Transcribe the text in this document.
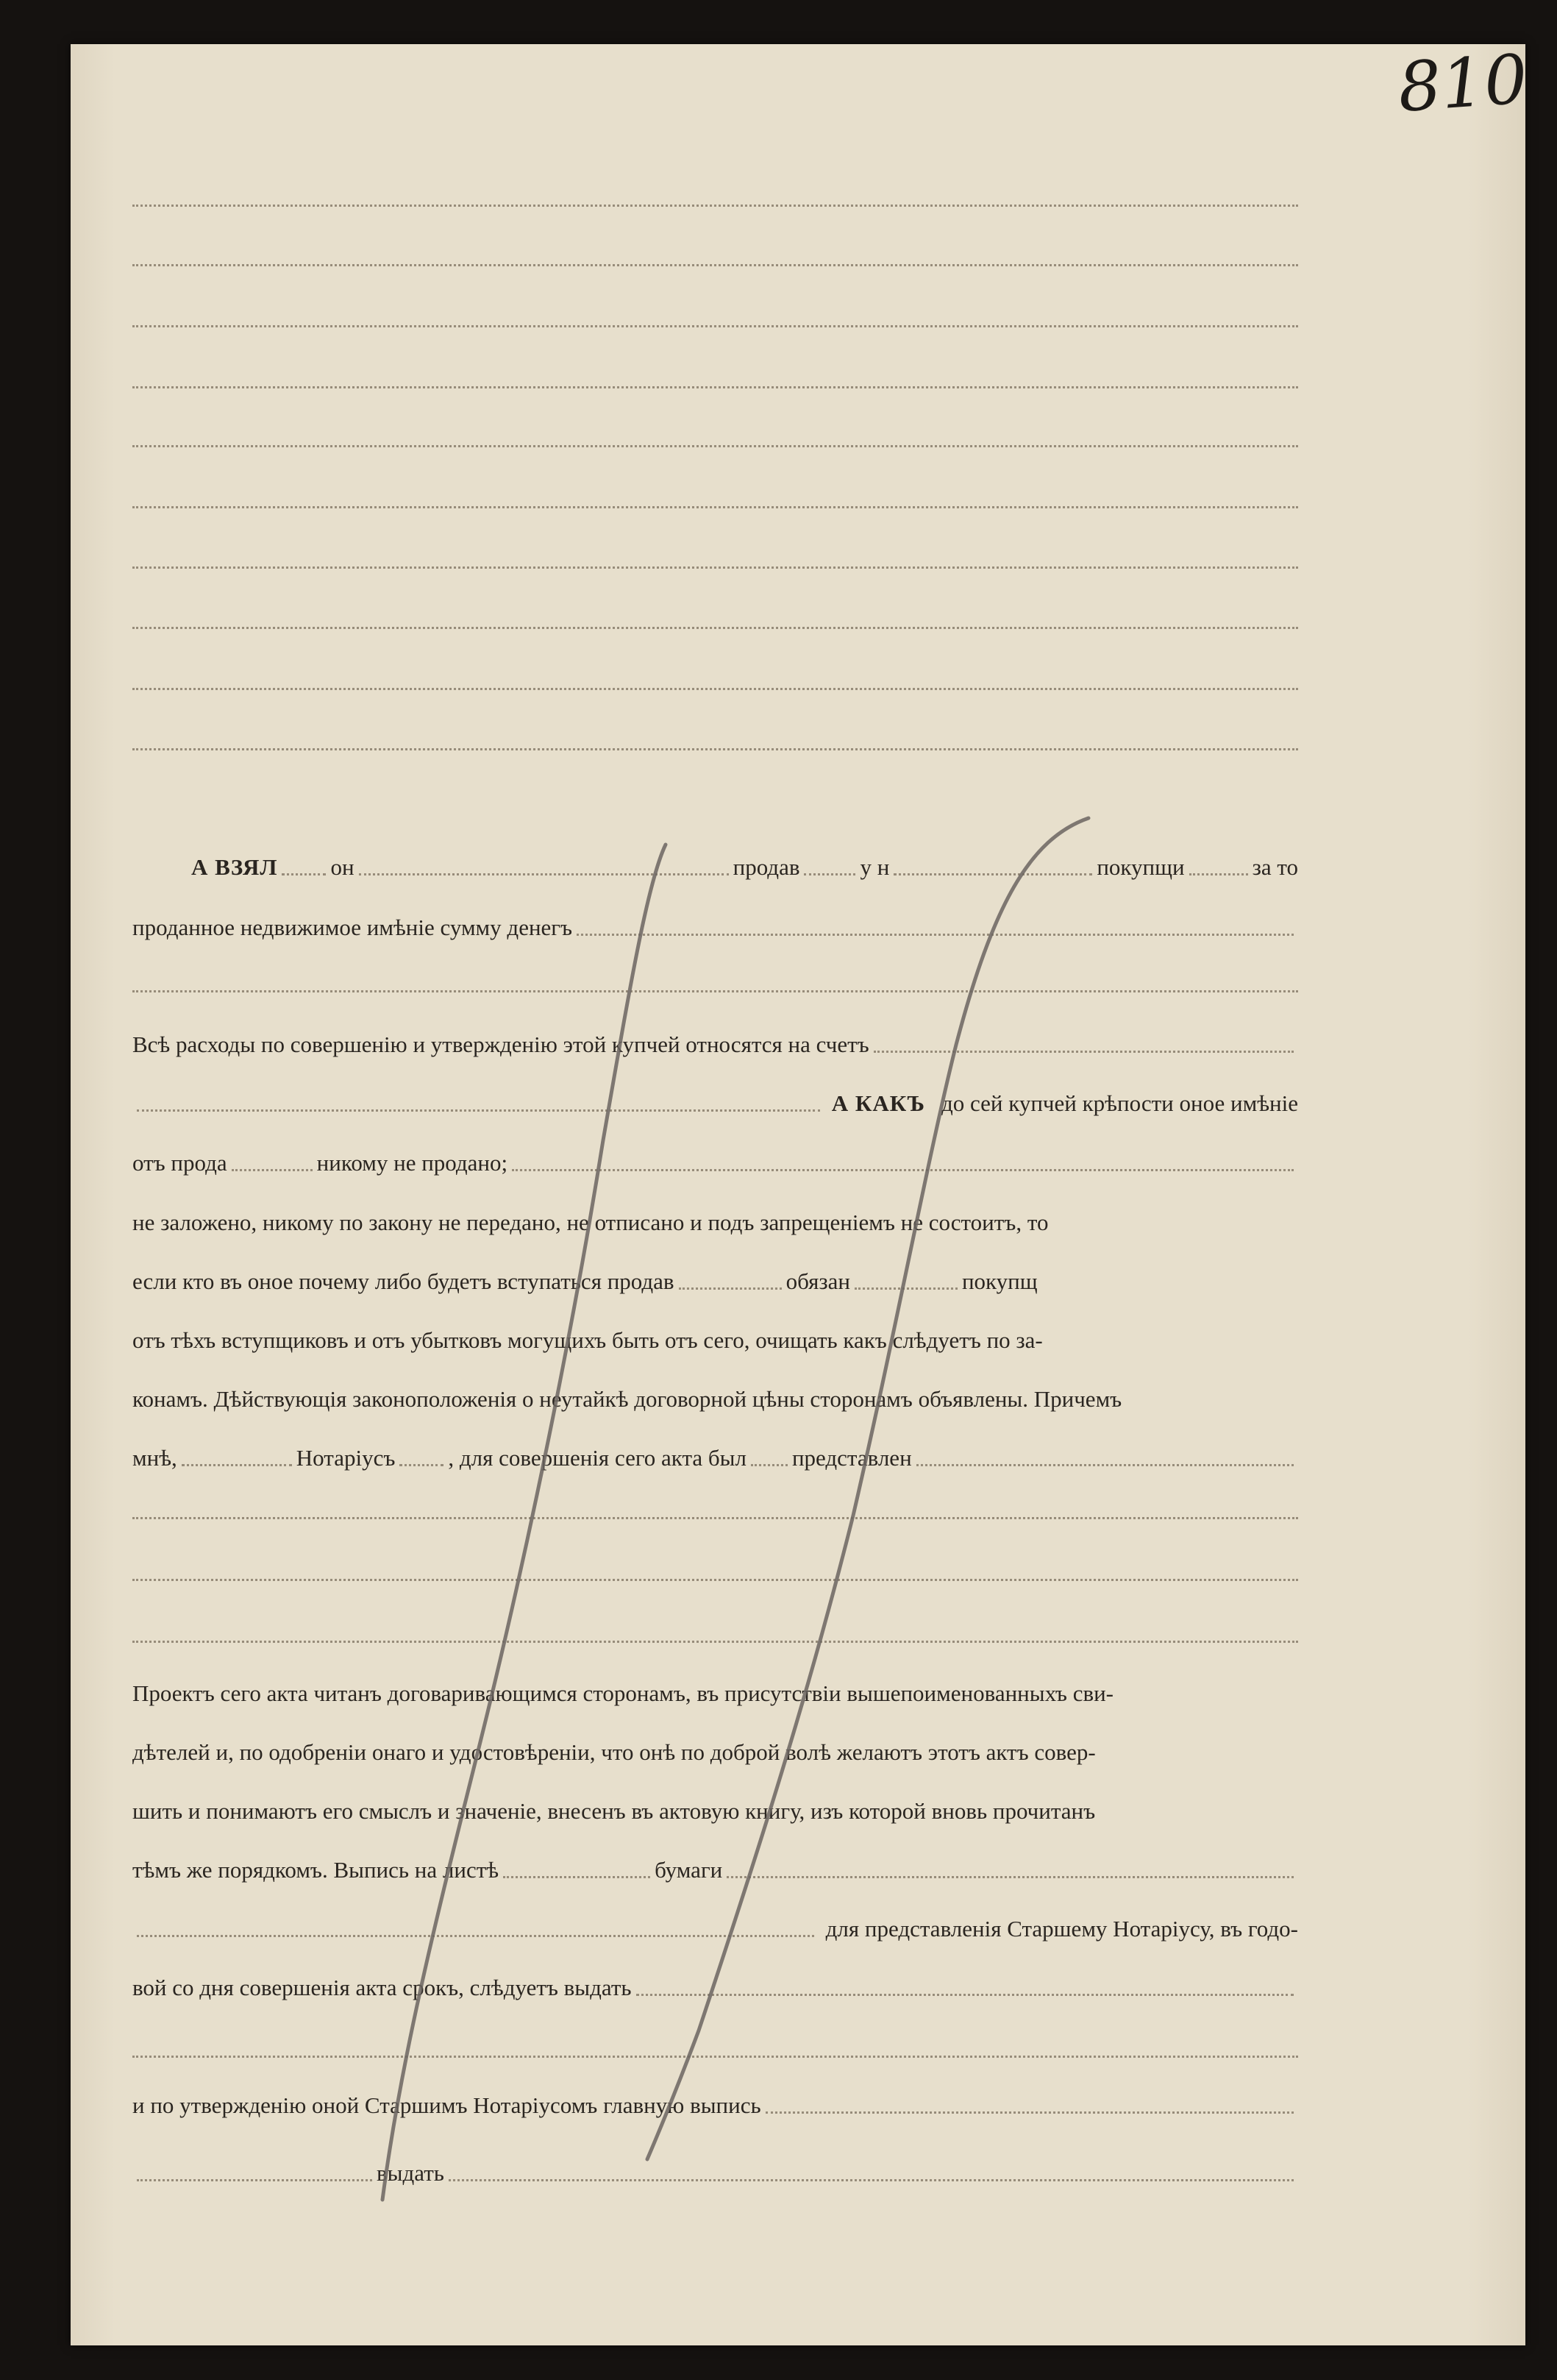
810
А ВЗЯЛ он	продав	у н	покупщи	за то
проданное недвижимое имѣніе сумму денегъ
Всѣ расходы по совершенію и утвержденію этой купчей относятся на счетъ
А КАКЪ до сей купчей крѣпости оное имѣніе
отъ прода	никому не продано;
не заложено, никому по закону не передано, не отписано и подъ запрещеніемъ не состоитъ, то
если кто въ оное почему либо будетъ вступаться продав	обязан	покупщ
отъ тѣхъ вступщиковъ и отъ убытковъ могущихъ быть отъ сего, очищать какъ слѣдуетъ по за-
конамъ. Дѣйствующія законоположенія о неутайкѣ договорной цѣны сторонамъ объявлены. Причемъ
мнѣ,	Нотаріусъ , для совершенія сего акта был представлен
Проектъ сего акта читанъ договаривающимся сторонамъ, въ присутствіи вышепоименованныхъ сви-
дѣтелей и, по одобреніи онаго и удостовѣреніи, что онѣ по доброй волѣ желаютъ этотъ актъ совер-
шить и понимаютъ его смыслъ и значеніе, внесенъ въ актовую книгу, изъ которой вновь прочитанъ
тѣмъ же порядкомъ. Выпись на листѣ	бумаги
для представленія Старшему Нотаріусу, въ годо-
вой со дня совершенія акта срокъ, слѣдуетъ выдать
и по утвержденію оной Старшимъ Нотаріусомъ главную выпись
выдать
